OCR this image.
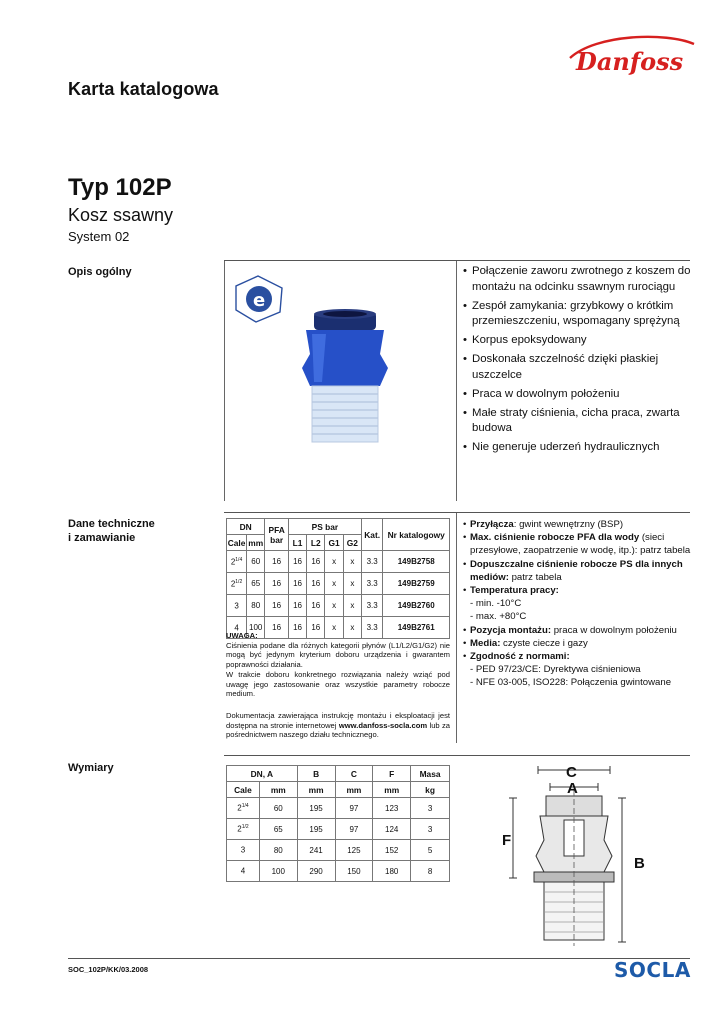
Danfoss
Karta katalogowa
Typ 102P
Kosz ssawny
System 02
Opis ogólny
e
• Połączenie zaworu zwrotnego z koszem do montażu na odcinku ssawnym rurociągu
• Zespół zamykania: grzybkowy o krótkim przemieszczeniu, wspomagany sprężyną
• Korpus epoksydowany
• Doskonała szczelność dzięki płaskiej uszczelce
• Praca w dowolnym położeniu
• Małe straty ciśnienia, cicha praca, zwarta budowa
• Nie generuje uderzeń hydraulicznych
Dane techniczne
i zamawianie
DN		PFA
bar	PS bar				Kat.	Nr katalogowy
Cale	mm		L1	L2	G1	G2		
$2^{1/4}$	60	16	16	16	x	x	3.3	149B2758
$2^{1/2}$	65	16	16	16	x	x	3.3	149B2759
3	80	16	16	16	x	x	3.3	149B2760
4	100	16	16	16	x	x	3.3	149B2761
UWAGA:
Ciśnienia podane dla różnych kategorii płynów (L1/L2/G1/G2) nie mogą być jedynym kryterium doboru urządzenia i gwarantem poprawności działania.
W trakcie doboru konkretnego rozwiązania należy wziąć pod uwagę jego zastosowanie oraz wszystkie parametry robocze medium.
Dokumentacja zawierająca instrukcję montażu i eksploatacji jest dostępna na stronie internetowej www.danfoss-socla.com lub za pośrednictwem naszego działu technicznego.
• Przyłącza: gwint wewnętrzny (BSP)
• Max. ciśnienie robocze PFA dla wody (sieci przesyłowe, zaopatrzenie w wodę, itp.): patrz tabela
• Dopuszczalne ciśnienie robocze PS dla innych mediów: patrz tabela
• Temperatura pracy:
- min. -10°C
- max. +80°C
• Pozycja montażu: praca w dowolnym położeniu
• Media: czyste ciecze i gazy
• Zgodność z normami:
- PED 97/23/CE: Dyrektywa ciśnieniowa
- NFE 03-005, ISO228: Połączenia gwintowane
Wymiary	DN, A		B	C	F	Masa
Cale	mm	mm	mm	mm	kg
$2^{1/4}$	60	195	97	123	3
$2^{1/2}$	65	195	97	124	3
3	80	241	125	152	5
4	100	290	150	180	8
C
A
F
B
SOC_102P/KK/03.2008	SOCLA
